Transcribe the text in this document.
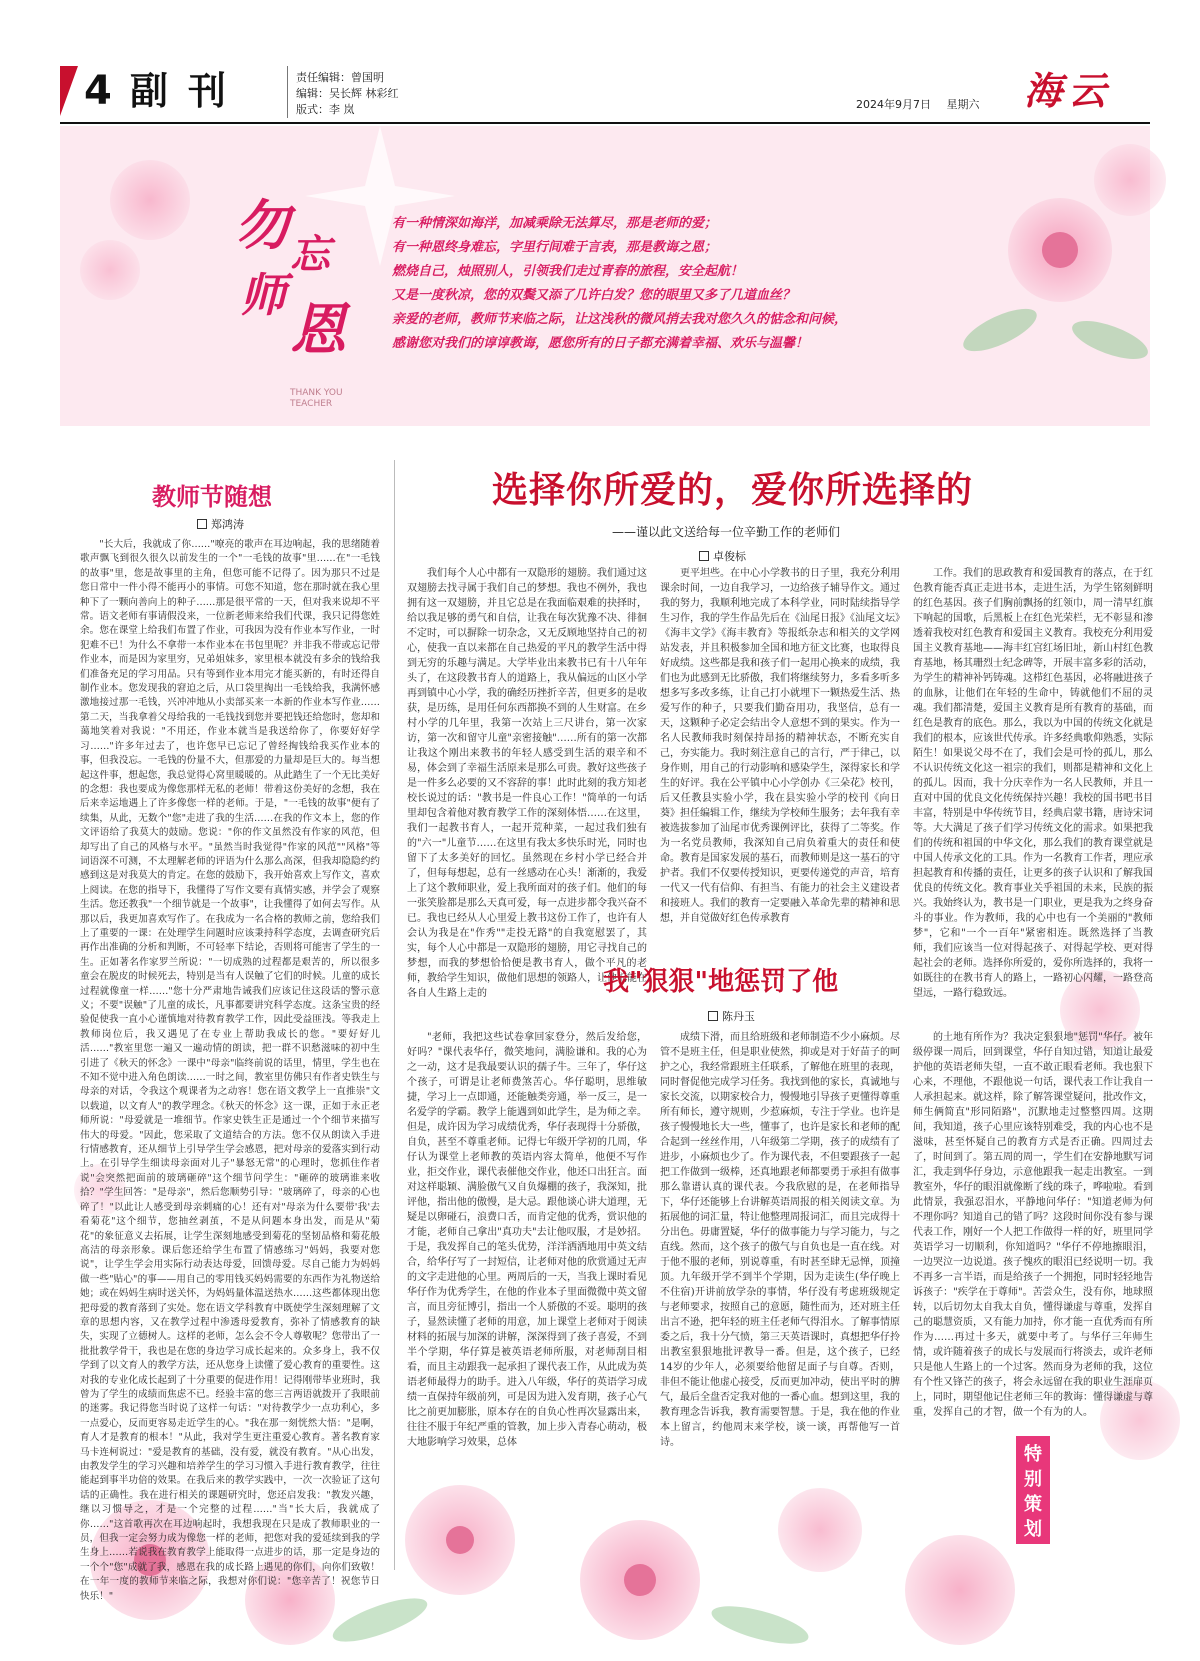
4 副刊	责任编辑：曾国明
编辑：吴长辉 林彩红
版式：李 岚	2024年9月7日 星期六	海云
勿 忘
师
恩
THANK YOU TEACHER
有一种情深如海洋，加减乘除无法算尽，那是老师的爱；
有一种恩终身难忘，字里行间难于言表，那是教诲之恩；
燃烧自己，烛照别人，引领我们走过青春的旅程，安全起航！
又是一度秋凉，您的双鬓又添了几许白发？您的眼里又多了几道血丝？
亲爱的老师，教师节来临之际，让这浅秋的微风捎去我对您久久的惦念和问候，
感谢您对我们的谆谆教诲，愿您所有的日子都充满着幸福、欢乐与温馨！
选择你所爱的，爱你所选择的
——谨以此文送给每一位辛勤工作的老师们
卓俊标
教师节随想
郑鸿涛

"长大后，我就成了你……"嘹亮的歌声在耳边响起，我的思绪随着歌声飘飞到很久很久以前发生的一个"一毛钱的故事"里……在"一毛钱的故事"里，您是故事里的主角，但您可能不记得了。因为那只不过是您日常中一件小得不能再小的事情。可您不知道，您在那时就在我心里种下了一颗向善向上的种子……那是很平常的一天，但对我来说却不平常。语文老师有事请假没来，一位新老师来给我们代课，我只记得您姓余。您在课堂上给我们布置了作业，可我因为没有作业本写作业，一时犯难不已！为什么不拿带一本作业本在书包里呢？并非我不带或忘记带作业本，而是因为家里穷，兄弟姐妹多，家里根本就没有多余的钱给我们准备充足的学习用品。只有等到作业本用完才能买新的，有时还得自制作业本。您发现我的窘迫之后，从口袋里掏出一毛钱给我，我满怀感激地接过那一毛钱，兴冲冲地从小卖部买来一本新的作业本写作业……第二天，当我拿着父母给我的一毛钱找到您并要把钱还给您时，您却和蔼地笑着对我说："不用还，作业本就当是我送给你了，你要好好学习……"许多年过去了，也许您早已忘记了曾经掏钱给我买作业本的事，但我没忘。一毛钱的份量不大，但那爱的力量却是巨大的。每当想起这件事，想起您，我总觉得心窝里暖暖的。从此踏生了一个无比美好的念想：我也要成为像您那样无私的老师！带着这份美好的念想，我在后来幸运地遇上了许多像您一样的老师。于是，"一毛钱的故事"便有了续集，从此，无数个"您"走进了我的生活……在我的作文本上，您的作文评语给了我莫大的鼓励。您说："你的作文虽然没有作家的风范，但却写出了自己的风格与水平。"虽然当时我觉得"作家的风范""风格"等词语深不可测，不太理解老师的评语为什么那么高深，但我却隐隐约约感到这是对我莫大的肯定。在您的鼓励下，我开始喜欢上写作文，喜欢上阅读。在您的指导下，我懂得了写作文要有真情实感，并学会了观察生活。您还教我"一个细节就是一个故事"，让我懂得了如何去写作。从那以后，我更加喜欢写作了。在我成为一名合格的教师之前，您给我们上了重要的一课：在处理学生问题时应该秉持科学态度，去调查研究后再作出准确的分析和判断，不可轻率下结论，否则将可能害了学生的一生。正如著名作家罗兰所说："一切成熟的过程都是艰苦的，所以很多童会在脱皮的时候死去，特别是当有人误触了它们的时候。儿童的成长过程就像童一样……"您十分严肃地告诫我们应该记住这段话的警示意义；不要"误触"了儿童的成长，凡事都要讲究科学态度。这条宝贵的经验促使我一直小心谨慎地对待教育教学工作，因此受益匪浅。等我走上教师岗位后，我又遇见了在专业上帮助我成长的您。"要好好儿活……"教室里您一遍又一遍动情的朗读，把一群不识愁滋味的初中生引进了《秋天的怀念》一课中"母亲"临终前说的话里，情里，学生也在不知不觉中进入角色朗读……一时之间，教室里仿佛只有作者史铁生与母亲的对话，令我这个观课者为之动容！您在语文教学上一直推崇"文以载道，以文育人"的教学理念。《秋天的怀念》这一课，正如于永正老师所说："母爱就是一堆细节。作家史铁生正是通过一个个细节来描写伟大的母爱。"因此，您采取了文道结合的方法。您不仅从朗读入手进行情感教育，还从细节上引导学生学会感恩，把对母亲的爱落实到行动上。在引导学生细读母亲面对儿子"暴怒无常"的心理时，您抓住作者说"会突然把面前的玻璃砸碎"这个细节问学生："砸碎的玻璃谁来收拾？"学生回答："是母亲"，然后您顺势引导："玻璃碎了，母亲的心也碎了！"以此让人感受到母亲刺痛的心！还有对"母亲为什么要带'我'去看菊花"这个细节，您抽丝剥茧，不是从问题本身出发，而是从"菊花"的象征意义去拓展，让学生深刻地感受到菊花的坚韧品格和菊花般高洁的母亲形象。课后您还给学生布置了情感练习"妈妈，我要对您说"，让学生学会用实际行动表达母爱，回馈母爱。尽自己能力为妈妈做一些"贴心"的事——用自己的零用钱买妈妈需要的东西作为礼物送给她；或在妈妈生病时送关怀，为妈妈量体温送热水……这些都体现出您把母爱的教育落到了实处。您在语文学科教育中既使学生深刻理解了文章的思想内容，又在教学过程中渗透母爱教育，弥补了情感教育的缺失，实现了立德树人。这样的老师，怎么会不令人尊敬呢？您带出了一批批教学骨干，我也是在您的身边学习成长起来的。众多身上，我不仅学到了以文育人的教学方法，还从您身上读懂了爱心教育的重要性。这对我的专业化成长起到了十分重要的促进作用！记得刚带毕业班时，我曾为了学生的成绩而焦虑不已。经验丰富的您三言两语就拨开了我眼前的迷雾。我记得您当时说了这样一句话："对待教学少一点功利心，多一点爱心，反而更容易走近学生的心。"我在那一刻恍然大悟："是啊，育人才是教育的根本！"从此，我对学生更注重爱心教育。著名教育家马卡连柯说过："爱是教育的基础，没有爱，就没有教育。"从心出发，由教发学生的学习兴趣和培养学生的学习习惯入手进行教育教学，往往能起到事半功倍的效果。在我后来的教学实践中，一次一次验证了这句话的正确性。我在进行相关的课题研究时，您还启发我："教发兴趣，继以习惯导之，才是一个完整的过程……"当"长大后，我就成了你……"这首歌再次在耳边响起时，我想我现在只是成了教师职业的一员，但我一定会努力成为像您一样的老师，把您对我的爱延续到我的学生身上……若说我在教育教学上能取得一点进步的话，那一定是身边的一个个"您"成就了我，感恩在我的成长路上遇见的你们，向你们致敬！在一年一度的教师节来临之际，我想对你们说："您辛苦了！祝您节日快乐！"

我们每个人心中都有一双隐形的翅膀。我们通过这双翅膀去找寻属于我们自己的梦想。我也不例外，我也拥有这一双翅膀，并且它总是在我面临艰难的抉择时，给以我足够的勇气和自信，让我在每次犹豫不决、徘徊不定时，可以摒除一切杂念，又无反顾地坚持自己的初心，使我一直以来都在自己热爱的平凡的教学生活中得到无穷的乐趣与满足。大学毕业出来教书已有十八年年头了，在这段教书育人的道路上，我从偏远的山区小学再到镇中心小学，我的确经历挫折辛苦，但更多的是收获，是历练，是用任何东西都换不到的人生财富。在乡村小学的几年里，我第一次站上三尺讲台，第一次家访，第一次和留守儿童"亲密接触"……所有的第一次都让我这个刚出来教书的年轻人感受到生活的艰辛和不易，体会到了幸福生活原来是那么可贵。教好这些孩子是一件多么必要的又不容辞的事！此时此刻的我方知老校长说过的话："教书是一件良心工作！"简单的一句话里却包含着他对教育教学工作的深刻体悟……在这里，我们一起教书育人，一起开荒种菜，一起过我们独有的"六一"儿童节……在这里有我太多快乐时光，同时也留下了太多美好的回忆。虽然现在乡村小学已经合并了，但每每想起，总有一丝感动在心头！渐渐的，我爱上了这个教师职业，爱上我所面对的孩子们。他们的每一张笑脸都是那么天真可爱，每一点进步都令我兴奋不已。我也已经从人心里爱上教书这份工作了，也许有人会认为我是在"作秀""走投无路"的自我宽慰罢了，其实，每个人心中都是一双隐形的翅膀，用它寻找自己的梦想，而我的梦想恰恰便是教书育人，做个平凡的老师，教给学生知识，做他们思想的领路人，让他们能在各自人生路上走的

更平坦些。在中心小学教书的日子里，我充分利用课余时间，一边自我学习，一边给孩子辅导作文。通过我的努力，我顺利地完成了本科学业，同时陆续指导学生习作，我的学生作品先后在《汕尾日报》《汕尾文坛》《海丰文学》《海丰教育》等报纸杂志和相关的文学网站发表，并且积极参加全国和地方征文比赛，也取得良好成绩。这些都是我和孩子们一起用心换来的成绩，我们也为此感到无比骄傲，我们将继续努力，多看多听多想多写多改多练，让自己打小就埋下一颗热爱生活、热爱写作的种子，只要我们勤奋用功，我坚信，总有一天，这颗种子必定会结出令人意想不到的果实。作为一名人民教师我时刻保持昂扬的精神状态，不断充实自己，夯实能力。我时刻注意自己的言行，严于律己，以身作则，用自己的行动影响和感染学生，深得家长和学生的好评。我在公平镇中心小学创办《三朵花》校刊，后又任教县实验小学，我在县实验小学的校刊《向日葵》担任编辑工作，继续为学校师生服务；去年我有幸被选拔参加了汕尾市优秀课例评比，获得了二等奖。作为一名党员教师，我深知自己肩负着重大的责任和使命。教育是国家发展的基石，而教师则是这一基石的守护者。我们不仅要传授知识，更要传递党的声音，培育一代又一代有信仰、有担当、有能力的社会主义建设者和接班人。我们的教育一定要融入革命先辈的精神和思想，并自觉做好红色传承教育

工作。我们的思政教育和爱国教育的落点，在于红色教育能否真正走进书本，走进生活，为学生铭刻鲜明的红色基因。孩子们胸前飘扬的红领巾，周一清早红旗下响起的国歌，后黑板上在红色光荣栏，无不彰显和渗透着我校对红色教育和爱国主义教育。我校充分利用爱国主义教育基地——海丰红宫红场旧址，新山村红色教育基地，杨其珊烈士纪念碑等，开展丰富多彩的活动，为学生的精神补钙铸魂。这栉红色基因，必将融进孩子的血脉，让他们在年轻的生命中，铸就他们不屈的灵魂。我们都清楚，爱国主义教育是所有教育的基础，而红色是教育的底色。那么，我以为中国的传统文化就是我们的根本，应该世代传承。许多经典歌仰熟悉，实际陌生！如果说父母不在了，我们会是可怜的孤儿，那么不认识传统文化这一祖宗的我们，则都是精神和文化上的孤儿。因而，我十分庆幸作为一名人民教师，并且一直对中国的优良文化传统保持兴趣！我校的国书吧书目丰富，特别是中华传统节目，经典启蒙书籍，唐诗宋词等。大大满足了孩子们学习传统文化的需求。如果把我们的传统和祖国的中华文化，那么我们的教育课堂就是中国人传承文化的工具。作为一名教育工作者，理应承担起教育和传播的责任，让更多的孩子认识和了解我国优良的传统文化。教育事业关乎祖国的未来，民族的振兴。我始终认为，教书是一门职业，更是我为之终身奋斗的事业。作为教师，我的心中也有一个美丽的"教师梦"，它和"一个一百年"紧密相连。既然选择了当教师，我们应该当一位对得起孩子、对得起学校、更对得起社会的老师。选择你所爱的，爱你所选择的，我将一如既往的在教书育人的路上，一路初心闪耀，一路登高望远，一路行稳致远。

我"狠狠"地惩罚了他
陈丹玉

"老师，我把这些试卷拿回家登分，然后发给您，好吗？"课代表华仔，微笑地问，满脸谦和。我的心为之一动，这才是我最要认识的孺子牛。三年了，华仔这个孩子，可谓是让老师费煞苦心。华仔聪明，思维敏捷，学习上一点即通，还能触类旁通，举一反三，是一名爱学的学霸。教学上能遇到如此学生，是为师之幸。但是，成许因为学习成绩优秀，华仔表现得十分骄傲，自负，甚至不尊重老师。记得七年级开学初的几周，华仔认为课堂上老师教的英语内容太简单，他便不写作业，拒交作业，课代表催他交作业，他还口出狂言。面对这样聪颖、满脸傲气又自负爆棚的孩子，我深知，批评他，指出他的傲慢，是大忌。跟他谈心讲大道理，无疑是以卵碰石，浪费口舌，而肯定他的优秀，赏识他的才能，老师自己拿出"真功夫"去让他叹服，才是妙招。于是，我发挥自己的笔头优势，洋洋洒洒地用中英文结合，给华仔写了一封短信，让老师对他的欣赏通过无声的文字走进他的心里。两周后的一天，当我上课时看见华仔作为优秀学生，在他的作业本子里面微微中英文留言，而且旁征博引，指出一个人骄傲的不妥。聪明的孩子，显然读懂了老师的用意，加上课堂上老师对于阅读材料的拓展与加深的讲解，深深得到了孩子喜爱，不到半个学期，华仔算是被英语老师所服，对老师刮目相看，而且主动跟我一起承担了课代表工作，从此成为英语老师最得力的助手。进入八年级，华仔的英语学习成绩一直保持年级前列，可是因为进入发育期，孩子心气比之前更加膨胀，原本存在的自负心性再次显露出来，往往不服于年纪严重的管教，加上步入青春心萌动，极大地影响学习效果，总体

成绩下滑，而且给班级和老师制造不少小麻烦。尽管不是班主任，但是职业使然，抑或是对于好苗子的呵护之心，我经常跟班主任联系，了解他在班里的表现，同时督促他完成学习任务。我找到他的家长，真诚地与家长交流，以期家校合力，慢慢地引导孩子更懂得尊重所有师长，遵守规则，少惹麻烦，专注于学业。也许是孩子慢慢地长大一些，懂事了，也许是家长和老师的配合起到一丝丝作用，八年级第二学期，孩子的成绩有了进步，小麻烦也少了。作为课代表，不但要跟孩子一起把工作做到一级棒，还真地跟老师都要勇于承担有做事那么靠谱认真的课代表。今我欣慰的是，在老师指导下，华仔还能够上台讲解英语周报的相关阅读文章。为拓展他的词汇量，特让他整理周报词汇，而且完成得十分出色。毋庸置疑，华仔的做事能力与学习能力，与之直线。然而，这个孩子的傲气与自负也是一直在线。对于他不服的老师，别说尊重，有时甚至肆无忌惮，顶撞顶。九年级开学不到半个学期，因为走读生(华仔晚上不住宿)开讲前放学杂的事情，华仔没有考虑班级规定与老师要求，按照自己的意愿，随性而为，还对班主任出言不逊，把年轻的班主任老师气得泪水。了解事情原委之后，我十分气愤，第三天英语课时，真想把华仔拎出教室狠狠地批评教导一番。但是，这个孩子，已经14岁的少年人，必须要给他留足面子与自尊。否则，非但不能让他虚心接受，反而更加冲动，使出平时的脾气，最后全盘否定我对他的一番心血。想到这里，我的教育理念告诉我，教育需要智慧。于是，我在他的作业本上留言，约他周末来学校，谈一谈，再帮他写一首诗。

的土地有所作为？我决定狠狠地"惩罚"华仔。被年级停课一周后，回到课堂，华仔自知过错，知道让最爱护他的英语老师失望，一直不敢正眼看老师。我也狠下心来，不理他，不跟他说一句话，课代表工作让我自一人承担起来。就这样，除了解答课堂疑问，批改作文，师生俩简直"形同陌路"，沉默地走过整整四周。这期间，我知道，孩子心里应该特别难受，我的内心也不是滋味，甚至怀疑自己的教育方式是否正确。四周过去了，时间到了。第五周的周一，学生们在安静地默写词汇，我走到华仔身边，示意他跟我一起走出教室。一到教室外，华仔的眼泪就像断了线的珠子，哗啦啦。看到此情景，我强忍泪水，平静地问华仔："知道老师为何不理你吗？知道自己的错了吗？这段时间你没有参与课代表工作，刚好一个人把工作做得一样的好，班里同学英语学习一切顺利，你知道吗？"华仔不停地擦眼泪，一边哭泣一边说道。孩子愧疚的眼泪已经说明一切。我不再多一言半语，而是给孩子一个拥抱，同时轻轻地告诉孩子："疾学在于尊师"。苦尝众生，没有你，地球照转，以后切勿太自我太自负，懂得谦虚与尊重，发挥自己的聪慧资质，又有能力加持，你才能一直优秀而有所作为……再过十多天，就要中考了。与华仔三年师生情，或许随着孩子的成长与发展而行将淡去，或许老师只是他人生路上的一个过客。然而身为老师的我，这位有个性又锋芒的孩子，将会永远留在我的职业生涯扉页上，同时，期望他记住老师三年的教诲：懂得谦虚与尊重，发挥自己的才智，做一个有为的人。

特别策划
